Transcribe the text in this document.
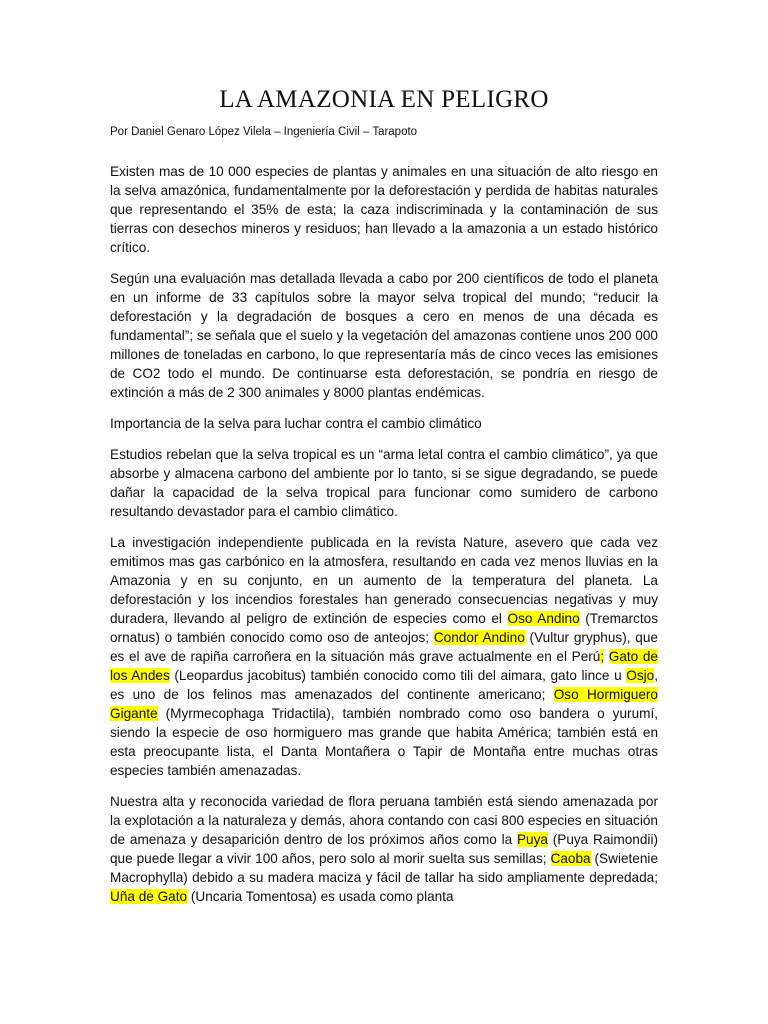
LA AMAZONIA EN PELIGRO
Por Daniel Genaro López Vilela – Ingeniería Civil – Tarapoto

Existen mas de 10 000 especies de plantas y animales en una situación de alto riesgo en la selva amazónica, fundamentalmente por la deforestación y perdida de habitas naturales que representando el 35% de esta; la caza indiscriminada y la contaminación de sus tierras con desechos mineros y residuos; han llevado a la amazonia a un estado histórico crítico.

Según una evaluación mas detallada llevada a cabo por 200 científicos de todo el planeta en un informe de 33 capítulos sobre la mayor selva tropical del mundo; “reducir la deforestación y la degradación de bosques a cero en menos de una década es fundamental”; se señala que el suelo y la vegetación del amazonas contiene unos 200 000 millones de toneladas en carbono, lo que representaría más de cinco veces las emisiones de CO2 todo el mundo. De continuarse esta deforestación, se pondría en riesgo de extinción a más de 2 300 animales y 8000 plantas endémicas.

Importancia de la selva para luchar contra el cambio climático

Estudios rebelan que la selva tropical es un “arma letal contra el cambio climático”, ya que absorbe y almacena carbono del ambiente por lo tanto, si se sigue degradando, se puede dañar la capacidad de la selva tropical para funcionar como sumidero de carbono resultando devastador para el cambio climático.

La investigación independiente publicada en la revista Nature, asevero que cada vez emitimos mas gas carbónico en la atmosfera, resultando en cada vez menos lluvias en la Amazonia y en su conjunto, en un aumento de la temperatura del planeta. La deforestación y los incendios forestales han generado consecuencias negativas y muy duradera, llevando al peligro de extinción de especies como el Oso Andino (Tremarctos ornatus) o también conocido como oso de anteojos; Condor Andino (Vultur gryphus), que es el ave de rapiña carroñera en la situación más grave actualmente en el Perú; Gato de los Andes (Leopardus jacobitus) también conocido como tili del aimara, gato lince u Osjo, es uno de los felinos mas amenazados del continente americano; Oso Hormiguero Gigante (Myrmecophaga Tridactila), también nombrado como oso bandera o yurumí, siendo la especie de oso hormiguero mas grande que habita América; también está en esta preocupante lista, el Danta Montañera o Tapir de Montaña entre muchas otras especies también amenazadas.

Nuestra alta y reconocida variedad de flora peruana también está siendo amenazada por la explotación a la naturaleza y demás, ahora contando con casi 800 especies en situación de amenaza y desaparición dentro de los próximos años como la Puya (Puya Raimondii) que puede llegar a vivir 100 años, pero solo al morir suelta sus semillas; Caoba (Swietenie Macrophylla) debido a su madera maciza y fácil de tallar ha sido ampliamente depredada; Uña de Gato (Uncaria Tomentosa) es usada como planta
